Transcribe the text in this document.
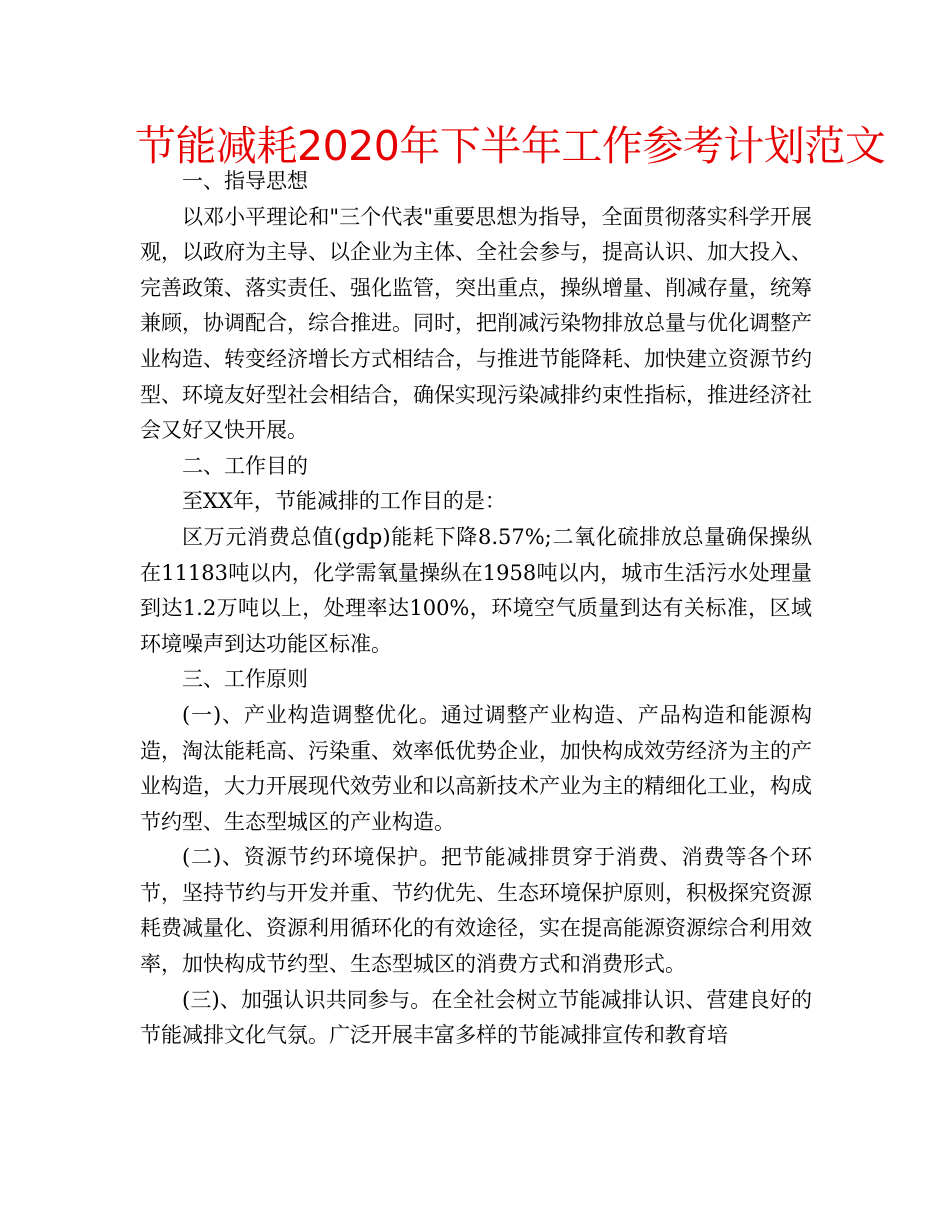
节能减耗2020年下半年工作参考计划范文

一、指导思想

以邓小平理论和"三个代表"重要思想为指导，全面贯彻落实科学开展观，以政府为主导、以企业为主体、全社会参与，提高认识、加大投入、完善政策、落实责任、强化监管，突出重点，操纵增量、削减存量，统筹兼顾，协调配合，综合推进。同时，把削减污染物排放总量与优化调整产业构造、转变经济增长方式相结合，与推进节能降耗、加快建立资源节约型、环境友好型社会相结合，确保实现污染减排约束性指标，推进经济社会又好又快开展。

二、工作目的

至XX年，节能减排的工作目的是：

区万元消费总值(gdp)能耗下降8.57%;二氧化硫排放总量确保操纵在11183吨以内，化学需氧量操纵在1958吨以内，城市生活污水处理量到达1.2万吨以上，处理率达100%，环境空气质量到达有关标准，区域环境噪声到达功能区标准。

三、工作原则

(一)、产业构造调整优化。通过调整产业构造、产品构造和能源构造，淘汰能耗高、污染重、效率低优势企业，加快构成效劳经济为主的产业构造，大力开展现代效劳业和以高新技术产业为主的精细化工业，构成节约型、生态型城区的产业构造。

(二)、资源节约环境保护。把节能减排贯穿于消费、消费等各个环节，坚持节约与开发并重、节约优先、生态环境保护原则，积极探究资源耗费减量化、资源利用循环化的有效途径，实在提高能源资源综合利用效率，加快构成节约型、生态型城区的消费方式和消费形式。

(三)、加强认识共同参与。在全社会树立节能减排认识、营建良好的节能减排文化气氛。广泛开展丰富多样的节能减排宣传和教育培
